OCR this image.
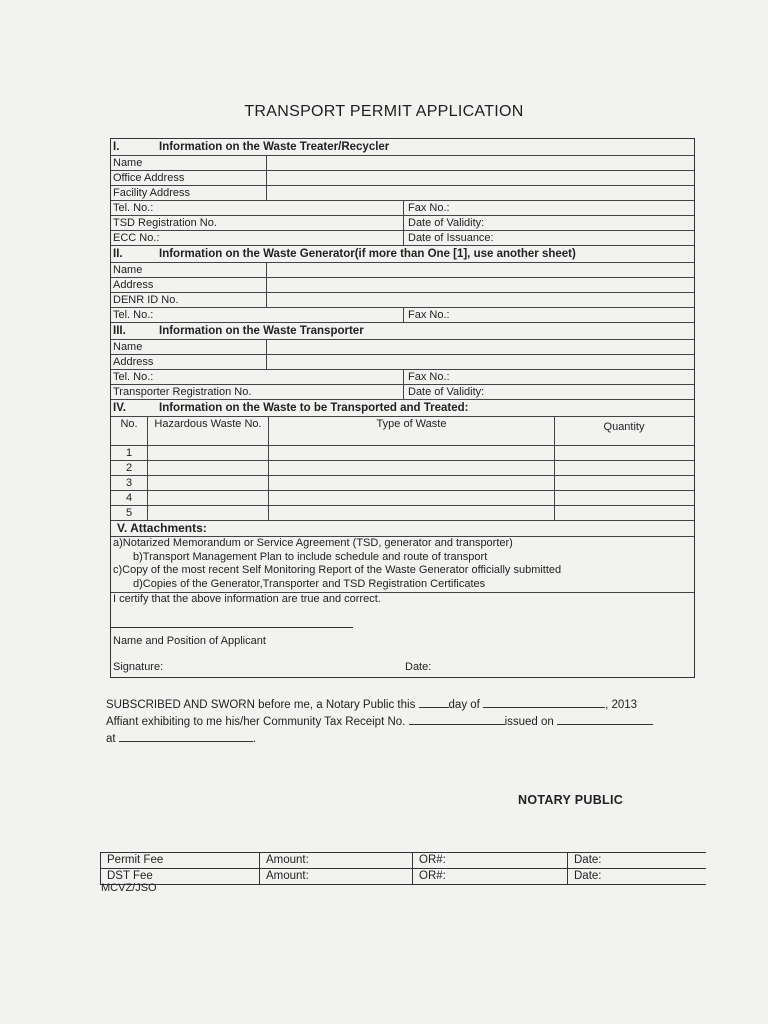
TRANSPORT PERMIT APPLICATION
I.	Information on the Waste Treater/Recycler
Name
Office Address
Facility Address
Tel. No.:	Fax No.:
TSD Registration No.	Date of Validity:
ECC No.:	Date of Issuance:
II.	Information on the Waste Generator(if more than One [1], use another sheet)
Name
Address
DENR ID No.
Tel. No.:	Fax No.:
III.	Information on the Waste Transporter
Name
Address
Tel. No.:	Fax No.:
Transporter Registration No.	Date of Validity:
IV.	Information on the Waste to be Transported and Treated:
No.	Hazardous Waste No.	Type of Waste	Quantity
1
2
3
4
5
V. Attachments:
a)Notarized Memorandum or Service Agreement (TSD, generator and transporter)
b)Transport Management Plan to include schedule and route of transport
c)Copy of the most recent Self Monitoring Report of the Waste Generator officially submitted
d)Copies of the Generator,Transporter and TSD Registration Certificates
I certify that the above information are true and correct.
Name and Position of Applicant
Signature:	Date:
SUBSCRIBED AND SWORN before me, a Notary Public this	day of	, 2013
Affiant exhibiting to me his/her Community Tax Receipt No.	issued on
at	.
NOTARY PUBLIC
Permit Fee	Amount:	OR#:	Date:
DST Fee	Amount:	OR#:	Date:
MCVZ/JSO
